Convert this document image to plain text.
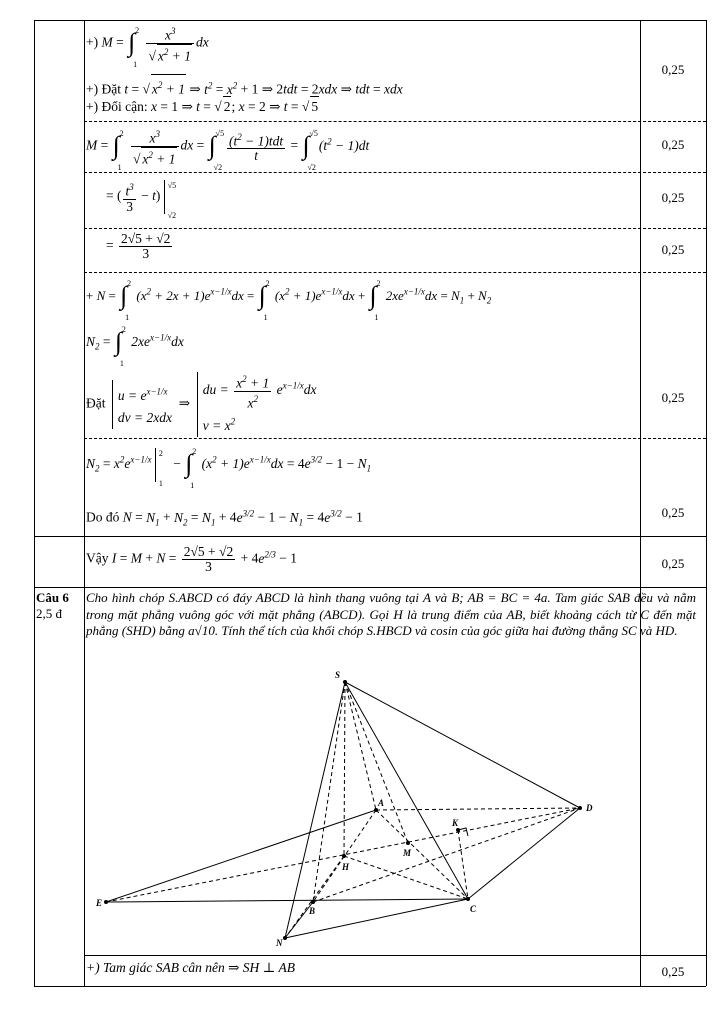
+) M = ∫ 2
1

$\frac{x^3}{√ x^2 + 1}$ dx
+) Đặt t = √ $x^2 + 1$ ⇒ $t^2 = x^2 + 1$ ⇒ 2tdt = 2xdx ⇒ tdt = xdx
+) Đổi cận: x = 1 ⇒ t = √ 2; x = 2 ⇒ t = √ 5
0,25
M = ∫ 2
1

$\frac{x^3}{√ x^2 + 1}$ dx = ∫ √5
√2

$\frac{(t^2 - 1)tdt}{t}$ = ∫ √5
√2
$(t^2 - 1)dt$	0,25
= ( $\frac{t^3}{3} - t$)
√5
√2
0,25
= $\frac{2√5 + √2}{3}$	0,25
+ N = ∫ 2
1
$(x^2 + 2x + 1)e^{x-1/x}dx$ = ∫ 2
1
$(x^2 + 1)e^{x-1/x}dx$ + ∫ 2
1
$2xe^{x-1/x}dx = N_1 + N_2$
$N_2$ = ∫ 2
1
$2xe^{x-1/x}dx$
Đặt $u = e^{x-1/x}$
dv = 2xdx  ⇒  du = $\frac{x^2 + 1}{x^2} e^{x-1/x}dx$
$v = x^2$
0,25
$N_2 = x^2e^{x-1/x}$
2
1
− ∫ 2
1
$(x^2 + 1)e^{x-1/x}dx = 4e^{3/2} - 1 - N_1$
Do đó $N = N_1 + N_2 = N_1 + 4e^{3/2} - 1 - N_1 = 4e^{3/2} - 1$	0,25
Vậy $I = M + N = \frac{2√5 + √2}{3} + 4e^{2/3} - 1$	0,25
Câu 6
2,5 đ
Cho hình chóp S.ABCD có đáy ABCD là hình thang vuông tại A và B; AB = BC = 4a. Tam giác SAB đều và nằm trong mặt phẳng vuông góc với mặt phẳng (ABCD). Gọi H là trung điểm của AB, biết khoảng cách từ C đến mặt phẳng (SHD) bằng a√10. Tính thể tích của khối chóp S.HBCD và cosin của góc giữa hai đường thẳng SC và HD.
S
A
B	C
D
E
H
M
K
N
+) Tam giác SAB cân nên ⇒ SH ⊥ AB	0,25
